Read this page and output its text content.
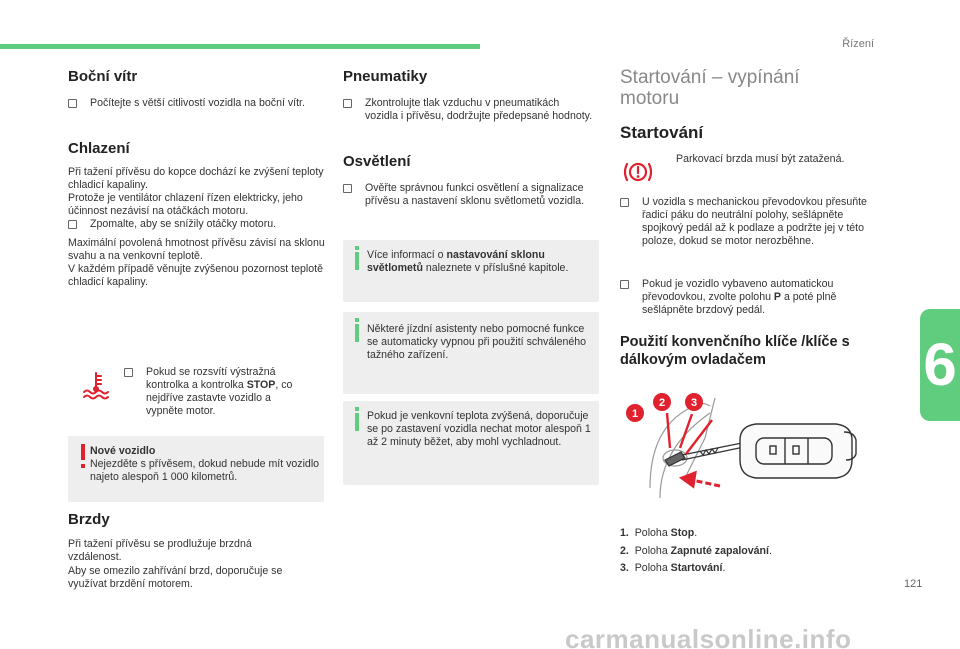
Řízení
6
Boční vítr
Počítejte s větší citlivostí vozidla na boční vítr.
Chlazení
Při tažení přívěsu do kopce dochází ke zvýšení teploty chladicí kapaliny.
Protože je ventilátor chlazení řízen elektricky, jeho účinnost nezávisí na otáčkách motoru.
Zpomalte, aby se snížily otáčky motoru.
Maximální povolená hmotnost přívěsu závisí na sklonu svahu a na venkovní teplotě.
V každém případě věnujte zvýšenou pozornost teplotě chladicí kapaliny.
Pokud se rozsvítí výstražná kontrolka a kontrolka STOP, co nejdříve zastavte vozidlo a vypněte motor.
Nové vozidlo
Nejezděte s přívěsem, dokud nebude mít vozidlo najeto alespoň 1 000 kilometrů.
Brzdy
Při tažení přívěsu se prodlužuje brzdná vzdálenost.
Aby se omezilo zahřívání brzd, doporučuje se využívat brzdění motorem.
Pneumatiky
Zkontrolujte tlak vzduchu v pneumatikách vozidla i přívěsu, dodržujte předepsané hodnoty.
Osvětlení
Ověřte správnou funkci osvětlení a signalizace přívěsu a nastavení sklonu světlometů vozidla.
Více informací o nastavování sklonu světlometů naleznete v příslušné kapitole.
Některé jízdní asistenty nebo pomocné funkce se automaticky vypnou při použití schváleného tažného zařízení.
Pokud je venkovní teplota zvýšená, doporučuje se po zastavení vozidla nechat motor alespoň 1 až 2 minuty běžet, aby mohl vychladnout.
Startování – vypínání motoru
Startování
Parkovací brzda musí být zatažená.
U vozidla s mechanickou převodovkou přesuňte řadicí páku do neutrální polohy, sešlápněte spojkový pedál až k podlaze a podržte jej v této poloze, dokud se motor nerozběhne.
Pokud je vozidlo vybaveno automatickou převodovkou, zvolte polohu P a poté plně sešlápněte brzdový pedál.
Použití konvenčního klíče /klíče s dálkovým ovladačem
1
2 3
1. Poloha Stop.
2. Poloha Zapnuté zapalování.
3. Poloha Startování.
121
carmanualsonline.info
